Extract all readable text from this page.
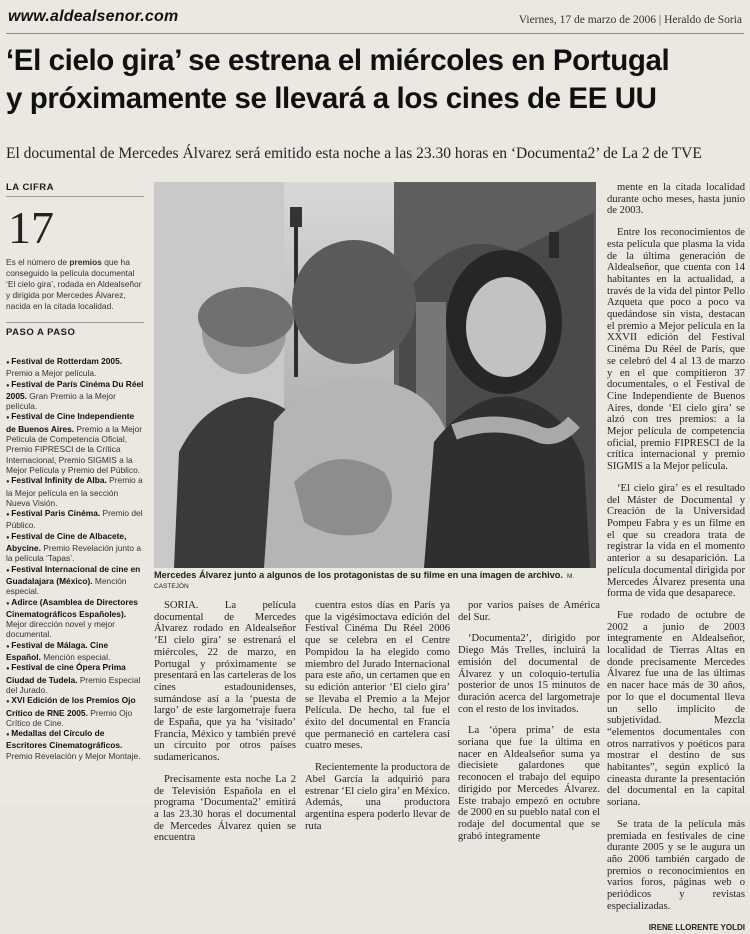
www.aldealsenor.com	Viernes, 17 de marzo de 2006 | Heraldo de Soria
‘El cielo gira’ se estrena el miércoles en Portugal
y próximamente se llevará a los cines de EE UU
El documental de Mercedes Álvarez será emitido esta noche a las 23.30 horas en ‘Documenta2’ de La 2 de TVE
LA CIFRA
17
Es el número de premios que ha conseguido la película documental ‘El cielo gira’, rodada en Aldealseñor y dirigida por Mercedes Álvarez, nacida en la citada localidad.
PASO A PASO
● Festival de Rotterdam 2005. Premio a Mejor película.
● Festival de París Cinéma Du Réel 2005. Gran Premio a la Mejor película.
● Festival de Cine Independiente de Buenos Aires. Premio a la Mejor Película de Competencia Oficial, Premio FIPRESCI de la Crítica Internacional, Premio SIGMIS a la Mejor Película y Premio del Público.
● Festival Infinity de Alba. Premio a la Mejor película en la sección Nueva Visión.
● Festival Paris Cinéma. Premio del Público.
● Festival de Cine de Albacete, Abycine. Premio Revelación junto a la película ‘Tapas’.
● Festival Internacional de cine en Guadalajara (México). Mención especial.
● Adirce (Asamblea de Directores Cinematográficos Españoles). Mejor dirección novel y mejor documental.
● Festival de Málaga. Cine Español. Mención especial.
● Festival de cine Ópera Prima Ciudad de Tudela. Premio Especial del Jurado.
● XVI Edición de los Premios Ojo Crítico de RNE 2005. Premio Ojo Crítico de Cine.
● Medallas del Círculo de Escritores Cinematográficos. Premio Revelación y Mejor Montaje.
Mercedes Álvarez junto a algunos de los protagonistas de su filme en una imagen de archivo. M. CASTEJÓN

SORIA. La película documental de Mercedes Álvarez rodado en Aldealseñor ‘El cielo gira’ se estrenará el miércoles, 22 de marzo, en Portugal y próximamente se presentará en las carteleras de los cines estadounidenses, sumándose así a la ‘puesta de largo’ de este largometraje fuera de España, que ya ha ‘visitado’ Francia, México y también prevé un circuito por otros países sudamericanos.

Precisamente esta noche La 2 de Televisión Española en el programa ‘Documenta2’ emitirá a las 23.30 horas el documental de Mercedes Álvarez quien se encuentra

cuentra estos días en París ya que la vigésimoctava edición del Festival Cinéma Du Réel 2006 que se celebra en el Centre Pompidou la ha elegido como miembro del Jurado Internacional para este año, un certamen que en su edición anterior ‘El cielo gira’ se llevaba el Premio a la Mejor Película. De hecho, tal fue el éxito del documental en Francia que permaneció en cartelera casi cuatro meses.

Recientemente la productora de Abel García la adquirió para estrenar ‘El cielo gira’ en México. Además, una productora argentina espera poderlo llevar de ruta

por varios países de América del Sur.

‘Documenta2’, dirigido por Diego Más Trelles, incluirá la emisión del documental de Álvarez y un coloquio-tertulia posterior de unos 15 minutos de duración acerca del largometraje con el resto de los invitados.

La ‘ópera prima’ de esta soriana que fue la última en nacer en Aldealseñor suma ya diecisiete galardones que reconocen el trabajo del equipo dirigido por Mercedes Álvarez. Este trabajo empezó en octubre de 2000 en su pueblo natal con el rodaje del documental que se grabó íntegramente

mente en la citada localidad durante ocho meses, hasta junio de 2003.

Entre los reconocimientos de esta película que plasma la vida de la última generación de Aldealseñor, que cuenta con 14 habitantes en la actualidad, a través de la vida del pintor Pello Azqueta que poco a poco va quedándose sin vista, destacan el premio a Mejor película en la XXVII edición del Festival Cinéma Du Réel de París, que se celebró del 4 al 13 de marzo y en el que compitieron 37 documentales, o el Festival de Cine Independiente de Buenos Aires, donde ‘El cielo gira’ se alzó con tres premios: a la Mejor película de competencia oficial, premio FIPRESCI de la crítica internacional y premio SIGMIS a la Mejor película.

‘El cielo gira’ es el resultado del Máster de Documental y Creación de la Universidad Pompeu Fabra y es un filme en el que su creadora trata de registrar la vida en el momento anterior a su desaparición. La película documental dirigida por Mercedes Álvarez presenta una forma de vida que desaparece.

Fue rodado de octubre de 2002 a junio de 2003 íntegramente en Aldealseñor, localidad de Tierras Altas en donde precisamente Mercedes Álvarez fue una de las últimas en nacer hace más de 30 años, por lo que el documental lleva un sello implícito de subjetividad. Mezcla “elementos documentales con otros narrativos y poéticos para mostrar el destino de sus habitantes”, según explicó la cineasta durante la presentación del documental en la capital soriana.

Se trata de la película más premiada en festivales de cine durante 2005 y se le augura un año 2006 también cargado de premios o reconocimientos en varios foros, páginas web o periódicos y revistas especializadas.

IRENE LLORENTE YOLDI
